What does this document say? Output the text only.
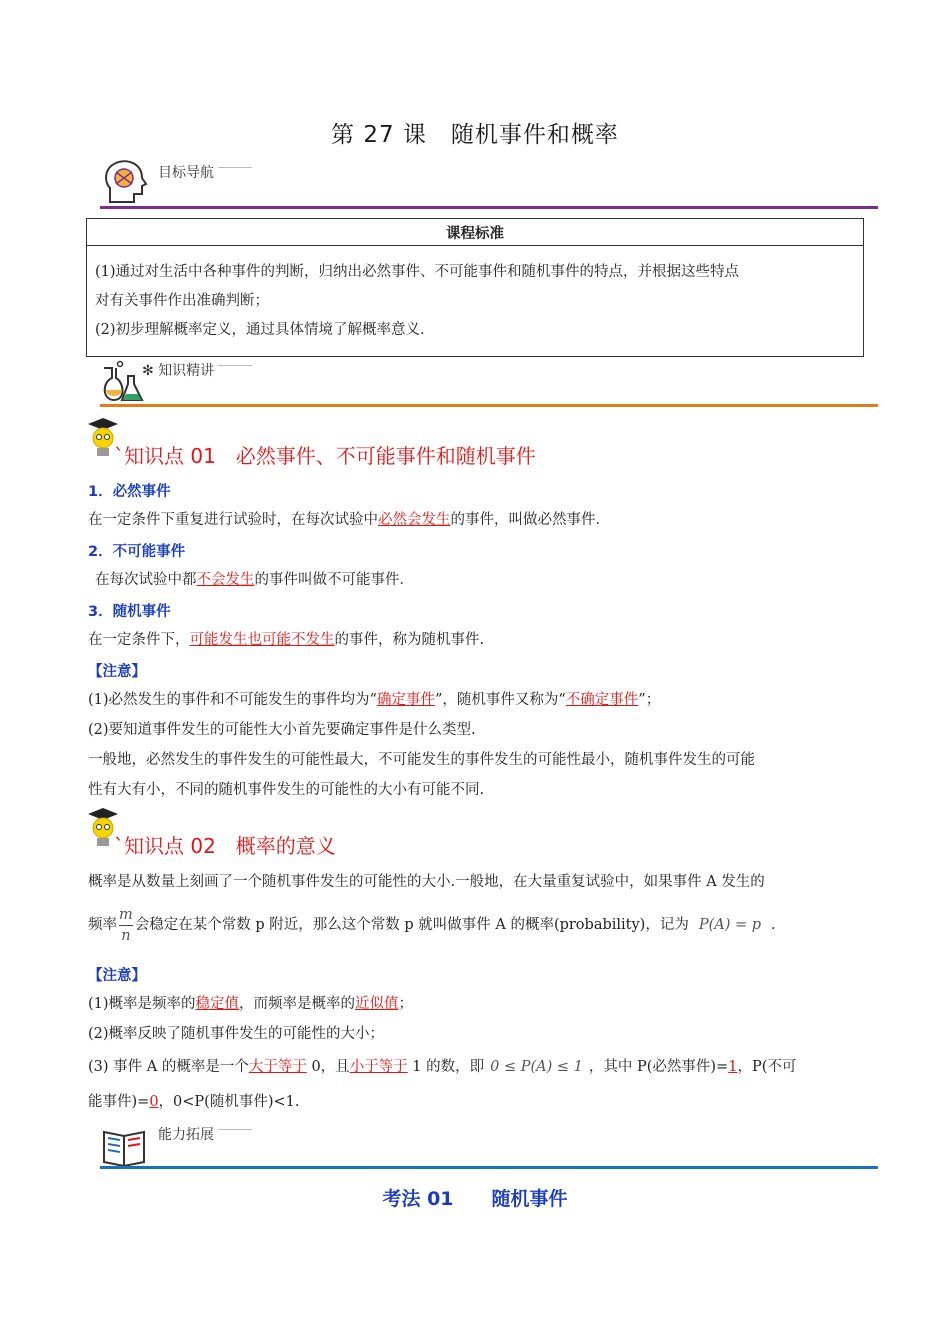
第 27 课　随机事件和概率
目标导航
课程标准

(1)通过对生活中各种事件的判断，归纳出必然事件、不可能事件和随机事件的特点，并根据这些特点
对有关事件作出准确判断；
(2)初步理解概率定义，通过具体情境了解概率意义.
✻ 知识精讲
`知识点 01　必然事件、不可能事件和随机事件
1．必然事件
在一定条件下重复进行试验时，在每次试验中必然会发生的事件，叫做必然事件．
2．不可能事件
在每次试验中都不会发生的事件叫做不可能事件．
3．随机事件
在一定条件下，可能发生也可能不发生的事件，称为随机事件.
【注意】
(1)必然发生的事件和不可能发生的事件均为“确定事件”，随机事件又称为“不确定事件”；
(2)要知道事件发生的可能性大小首先要确定事件是什么类型.
一般地，必然发生的事件发生的可能性最大，不可能发生的事件发生的可能性最小，随机事件发生的可能
性有大有小，不同的随机事件发生的可能性的大小有可能不同.
`知识点 02　概率的意义
概率是从数量上刻画了一个随机事件发生的可能性的大小.一般地，在大量重复试验中，如果事件 A 发生的
频率 $\frac{m}{n}$ 会稳定在某个常数 p 附近，那么这个常数 p 就叫做事件 A 的概率(probability)，记为 P(A) = p ．
【注意】
(1)概率是频率的稳定值，而频率是概率的近似值；
(2)概率反映了随机事件发生的可能性的大小；
(3) 事件 A 的概率是一个大于等于 0，且小于等于 1 的数，即 0 ≤ P(A) ≤ 1 ，其中 P(必然事件)=1，P(不可
能事件)=0，0<P(随机事件)<1.
能力拓展
考法 01　　随机事件
